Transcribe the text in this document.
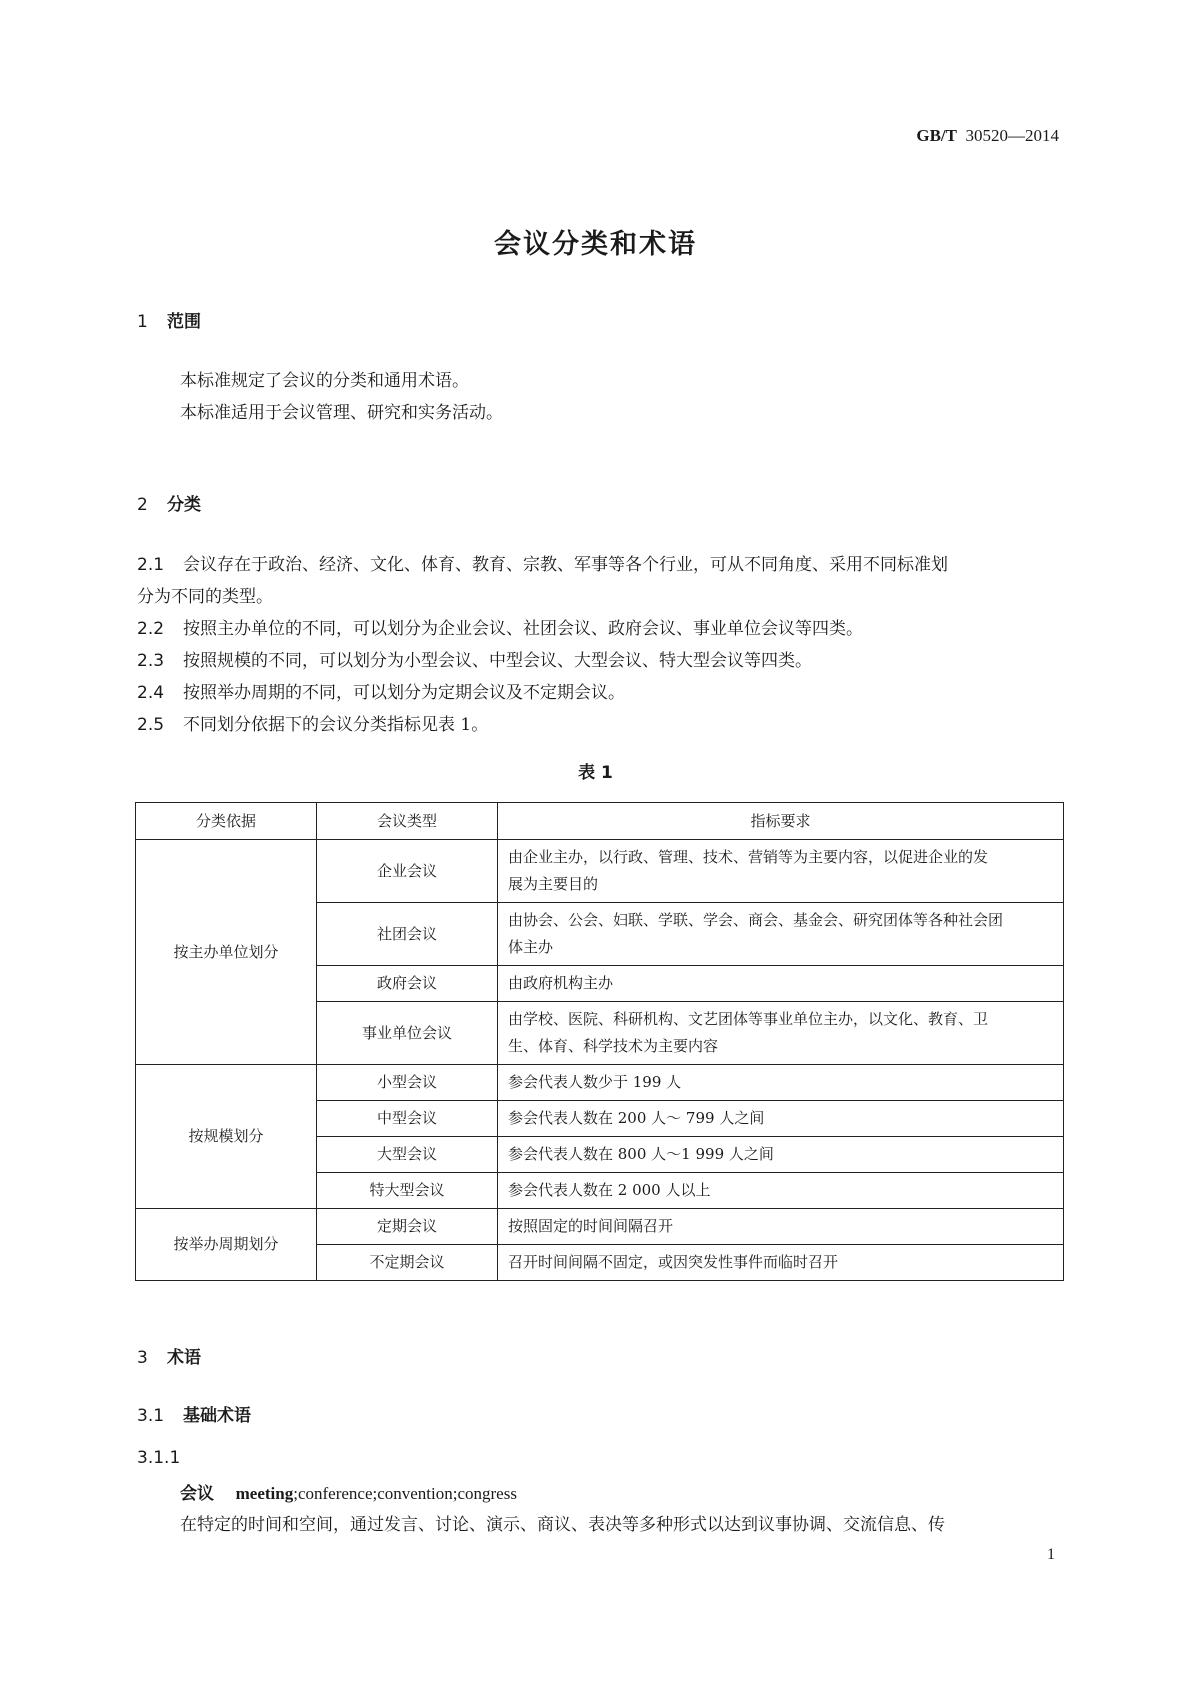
GB/T 30520—2014
会议分类和术语
1 范围
本标准规定了会议的分类和通用术语。
本标准适用于会议管理、研究和实务活动。
2 分类
2.1 会议存在于政治、经济、文化、体育、教育、宗教、军事等各个行业，可从不同角度、采用不同标准划
分为不同的类型。
2.2 按照主办单位的不同，可以划分为企业会议、社团会议、政府会议、事业单位会议等四类。
2.3 按照规模的不同，可以划分为小型会议、中型会议、大型会议、特大型会议等四类。
2.4 按照举办周期的不同，可以划分为定期会议及不定期会议。
2.5 不同划分依据下的会议分类指标见表 1。
表 1
分类依据	会议类型	指标要求
按主办单位划分	企业会议	由企业主办，以行政、管理、技术、营销等为主要内容，以促进企业的发
展为主要目的
	社团会议	由协会、公会、妇联、学联、学会、商会、基金会、研究团体等各种社会团
体主办
	政府会议	由政府机构主办
	事业单位会议	由学校、医院、科研机构、文艺团体等事业单位主办，以文化、教育、卫
生、体育、科学技术为主要内容
按规模划分	小型会议	参会代表人数少于 199 人
	中型会议	参会代表人数在 200 人～ 799 人之间
	大型会议	参会代表人数在 800 人～1 999 人之间
	特大型会议	参会代表人数在 2 000 人以上
按举办周期划分	定期会议	按照固定的时间间隔召开
	不定期会议	召开时间间隔不固定，或因突发性事件而临时召开
3 术语
3.1 基础术语
3.1.1
会议 meeting;conference;convention;congress
在特定的时间和空间，通过发言、讨论、演示、商议、表决等多种形式以达到议事协调、交流信息、传
1
